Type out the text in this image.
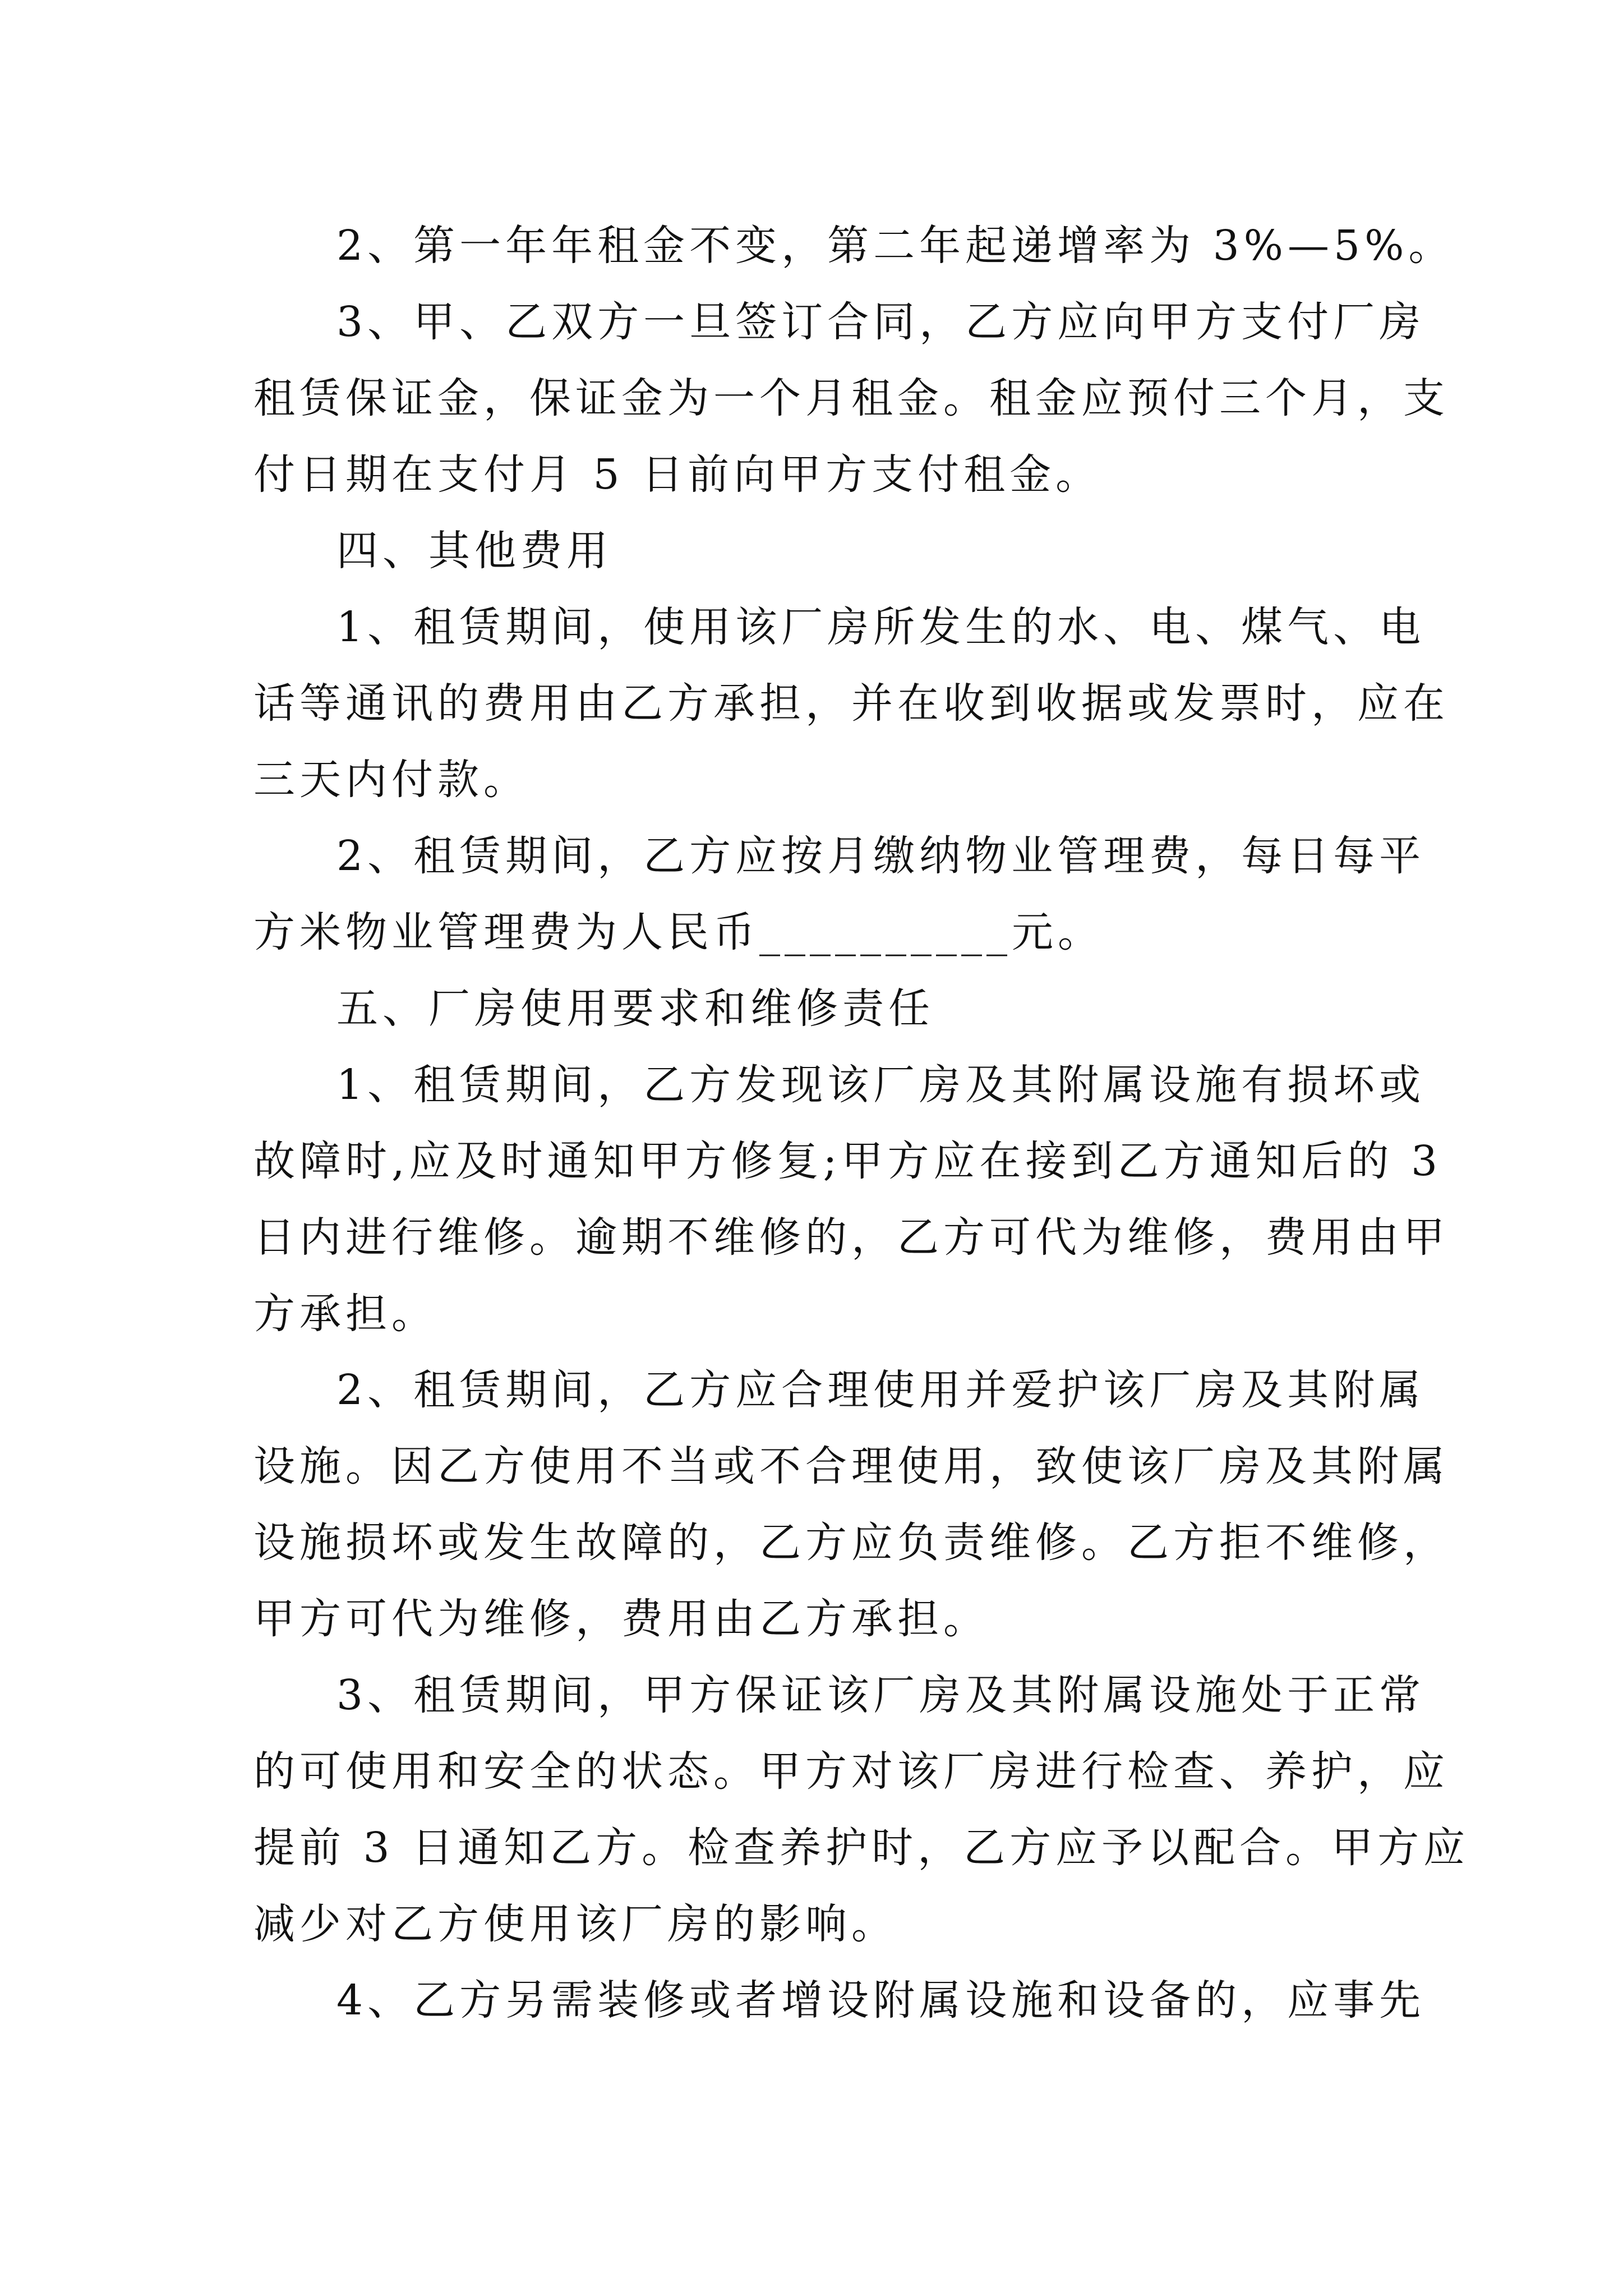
2、第一年年租金不变，第二年起递增率为 3%—5%。
3、甲、乙双方一旦签订合同，乙方应向甲方支付厂房
租赁保证金，保证金为一个月租金。租金应预付三个月，支
付日期在支付月 5 日前向甲方支付租金。
四、其他费用
1、租赁期间，使用该厂房所发生的水、电、煤气、电
话等通讯的费用由乙方承担，并在收到收据或发票时，应在
三天内付款。
2、租赁期间，乙方应按月缴纳物业管理费，每日每平
方米物业管理费为人民币__________元。
五、厂房使用要求和维修责任
1、租赁期间，乙方发现该厂房及其附属设施有损坏或
故障时,应及时通知甲方修复;甲方应在接到乙方通知后的 3
日内进行维修。逾期不维修的，乙方可代为维修，费用由甲
方承担。
2、租赁期间，乙方应合理使用并爱护该厂房及其附属
设施。因乙方使用不当或不合理使用，致使该厂房及其附属
设施损坏或发生故障的，乙方应负责维修。乙方拒不维修，
甲方可代为维修，费用由乙方承担。
3、租赁期间，甲方保证该厂房及其附属设施处于正常
的可使用和安全的状态。甲方对该厂房进行检查、养护，应
提前 3 日通知乙方。检查养护时，乙方应予以配合。甲方应
减少对乙方使用该厂房的影响。
4、乙方另需装修或者增设附属设施和设备的，应事先
